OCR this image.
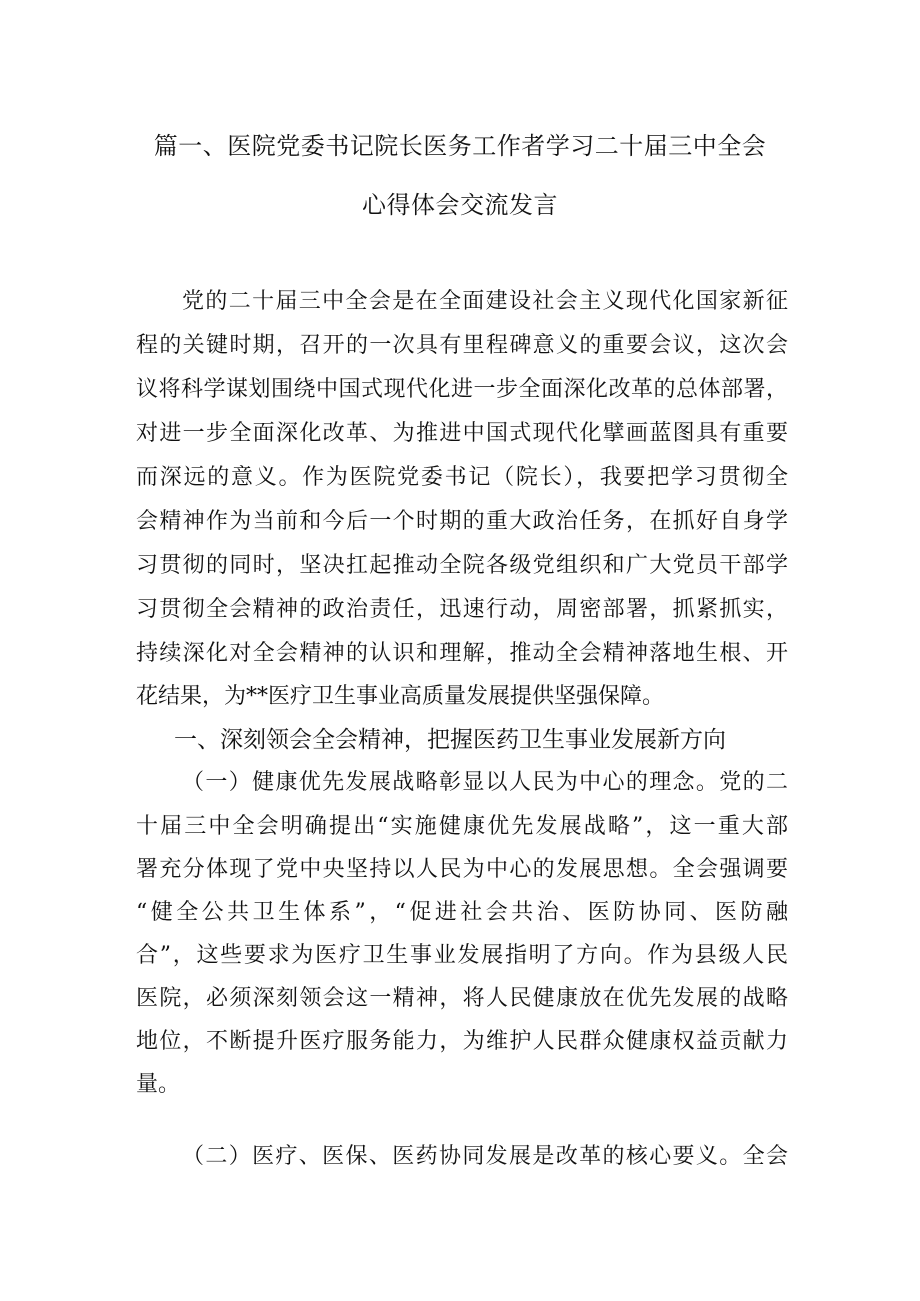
篇一、医院党委书记院长医务工作者学习二十届三中全会
心得体会交流发言
党的二十届三中全会是在全面建设社会主义现代化国家新征
程的关键时期，召开的一次具有里程碑意义的重要会议，这次会
议将科学谋划围绕中国式现代化进一步全面深化改革的总体部署，
对进一步全面深化改革、为推进中国式现代化擘画蓝图具有重要
而深远的意义。作为医院党委书记（院长），我要把学习贯彻全
会精神作为当前和今后一个时期的重大政治任务，在抓好自身学
习贯彻的同时，坚决扛起推动全院各级党组织和广大党员干部学
习贯彻全会精神的政治责任，迅速行动，周密部署，抓紧抓实，
持续深化对全会精神的认识和理解，推动全会精神落地生根、开
花结果，为**医疗卫生事业高质量发展提供坚强保障。
一、深刻领会全会精神，把握医药卫生事业发展新方向
（一）健康优先发展战略彰显以人民为中心的理念。党的二
十届三中全会明确提出“实施健康优先发展战略”，这一重大部
署充分体现了党中央坚持以人民为中心的发展思想。全会强调要
“健全公共卫生体系”，“促进社会共治、医防协同、医防融
合”，这些要求为医疗卫生事业发展指明了方向。作为县级人民
医院，必须深刻领会这一精神，将人民健康放在优先发展的战略
地位，不断提升医疗服务能力，为维护人民群众健康权益贡献力
量。
（二）医疗、医保、医药协同发展是改革的核心要义。全会
